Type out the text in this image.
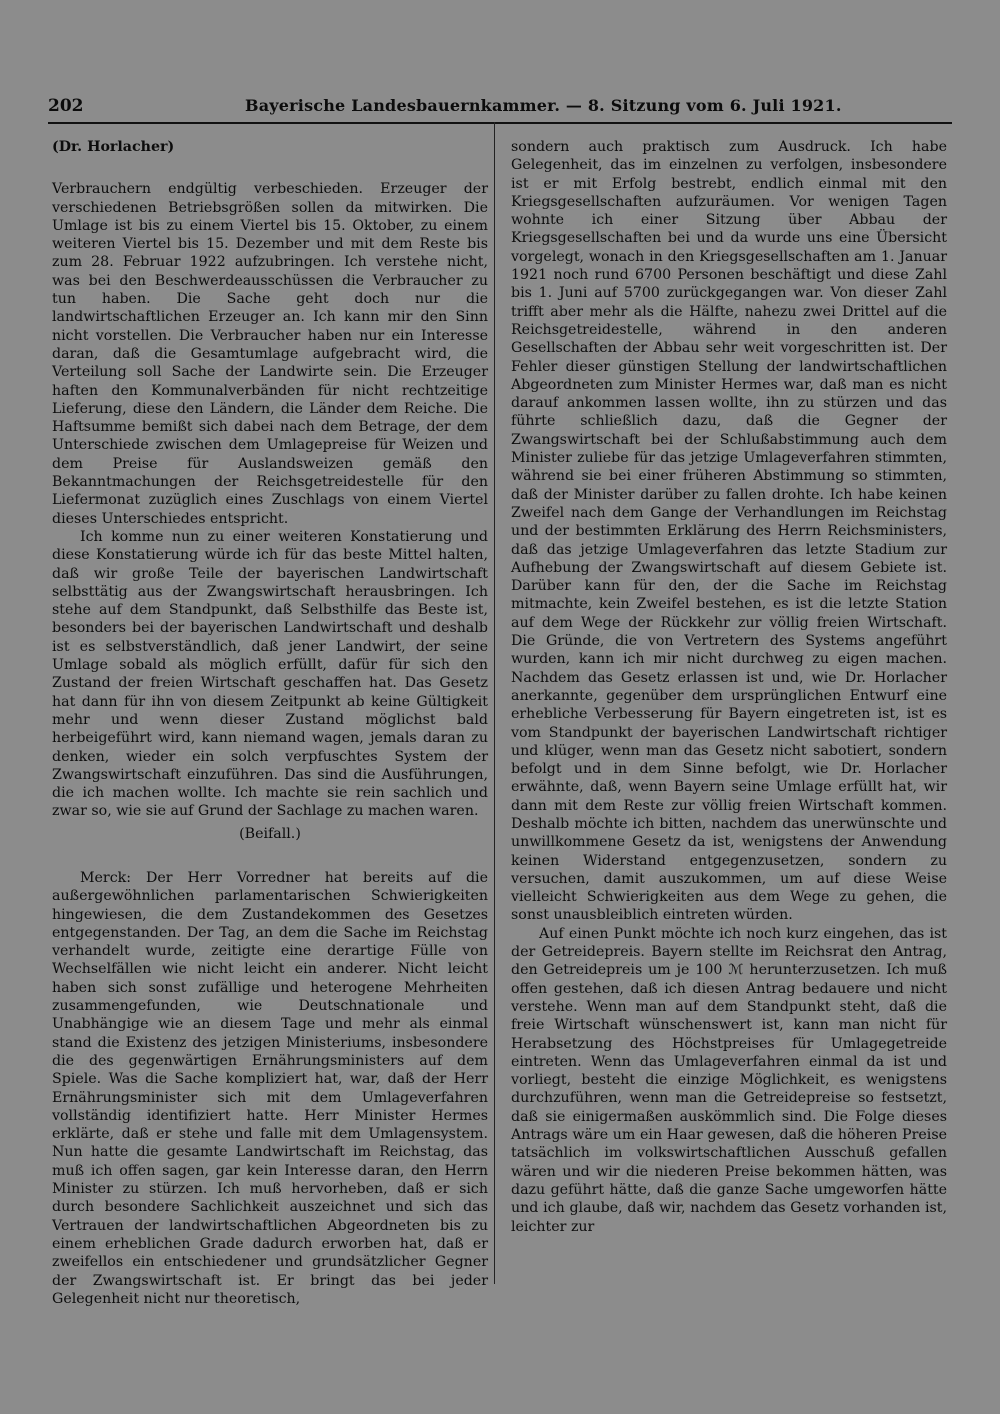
202	Bayerische Landesbauernkammer. — 8. Sitzung vom 6. Juli 1921.

(Dr. Horlacher)

Verbrauchern endgültig verbeschieden. Erzeuger der verschiedenen Betriebsgrößen sollen da mitwirken. Die Umlage ist bis zu einem Viertel bis 15. Oktober, zu einem weiteren Viertel bis 15. Dezember und mit dem Reste bis zum 28. Februar 1922 aufzubringen. Ich verstehe nicht, was bei den Beschwerdeausschüssen die Verbraucher zu tun haben. Die Sache geht doch nur die landwirtschaftlichen Erzeuger an. Ich kann mir den Sinn nicht vorstellen. Die Verbraucher haben nur ein Interesse daran, daß die Gesamtumlage aufgebracht wird, die Verteilung soll Sache der Landwirte sein. Die Erzeuger haften den Kommunalverbänden für nicht rechtzeitige Lieferung, diese den Ländern, die Länder dem Reiche. Die Haftsumme bemißt sich dabei nach dem Betrage, der dem Unterschiede zwischen dem Umlagepreise für Weizen und dem Preise für Auslandsweizen gemäß den Bekanntmachungen der Reichsgetreidestelle für den Liefermonat zuzüglich eines Zuschlags von einem Viertel dieses Unterschiedes entspricht.

Ich komme nun zu einer weiteren Konstatierung und diese Konstatierung würde ich für das beste Mittel halten, daß wir große Teile der bayerischen Landwirtschaft selbsttätig aus der Zwangswirtschaft herausbringen. Ich stehe auf dem Standpunkt, daß Selbsthilfe das Beste ist, besonders bei der bayerischen Landwirtschaft und deshalb ist es selbstverständlich, daß jener Landwirt, der seine Umlage sobald als möglich erfüllt, dafür für sich den Zustand der freien Wirtschaft geschaffen hat. Das Gesetz hat dann für ihn von diesem Zeitpunkt ab keine Gültigkeit mehr und wenn dieser Zustand möglichst bald herbeigeführt wird, kann niemand wagen, jemals daran zu denken, wieder ein solch verpfuschtes System der Zwangswirtschaft einzuführen. Das sind die Ausführungen, die ich machen wollte. Ich machte sie rein sachlich und zwar so, wie sie auf Grund der Sachlage zu machen waren.

(Beifall.)

Merck: Der Herr Vorredner hat bereits auf die außergewöhnlichen parlamentarischen Schwierigkeiten hingewiesen, die dem Zustandekommen des Gesetzes entgegenstanden. Der Tag, an dem die Sache im Reichstag verhandelt wurde, zeitigte eine derartige Fülle von Wechselfällen wie nicht leicht ein anderer. Nicht leicht haben sich sonst zufällige und heterogene Mehrheiten zusammengefunden, wie Deutschnationale und Unabhängige wie an diesem Tage und mehr als einmal stand die Existenz des jetzigen Ministeriums, insbesondere die des gegenwärtigen Ernährungsministers auf dem Spiele. Was die Sache kompliziert hat, war, daß der Herr Ernährungsminister sich mit dem Umlageverfahren vollständig identifiziert hatte. Herr Minister Hermes erklärte, daß er stehe und falle mit dem Umlagensystem. Nun hatte die gesamte Landwirtschaft im Reichstag, das muß ich offen sagen, gar kein Interesse daran, den Herrn Minister zu stürzen. Ich muß hervorheben, daß er sich durch besondere Sachlichkeit auszeichnet und sich das Vertrauen der landwirtschaftlichen Abgeordneten bis zu einem erheblichen Grade dadurch erworben hat, daß er zweifellos ein entschiedener und grundsätzlicher Gegner der Zwangswirtschaft ist. Er bringt das bei jeder Gelegenheit nicht nur theoretisch,

sondern auch praktisch zum Ausdruck. Ich habe Gelegenheit, das im einzelnen zu verfolgen, insbesondere ist er mit Erfolg bestrebt, endlich einmal mit den Kriegsgesellschaften aufzuräumen. Vor wenigen Tagen wohnte ich einer Sitzung über Abbau der Kriegsgesellschaften bei und da wurde uns eine Übersicht vorgelegt, wonach in den Kriegsgesellschaften am 1. Januar 1921 noch rund 6700 Personen beschäftigt und diese Zahl bis 1. Juni auf 5700 zurückgegangen war. Von dieser Zahl trifft aber mehr als die Hälfte, nahezu zwei Drittel auf die Reichsgetreidestelle, während in den anderen Gesellschaften der Abbau sehr weit vorgeschritten ist. Der Fehler dieser günstigen Stellung der landwirtschaftlichen Abgeordneten zum Minister Hermes war, daß man es nicht darauf ankommen lassen wollte, ihn zu stürzen und das führte schließlich dazu, daß die Gegner der Zwangswirtschaft bei der Schlußabstimmung auch dem Minister zuliebe für das jetzige Umlageverfahren stimmten, während sie bei einer früheren Abstimmung so stimmten, daß der Minister darüber zu fallen drohte. Ich habe keinen Zweifel nach dem Gange der Verhandlungen im Reichstag und der bestimmten Erklärung des Herrn Reichsministers, daß das jetzige Umlageverfahren das letzte Stadium zur Aufhebung der Zwangswirtschaft auf diesem Gebiete ist. Darüber kann für den, der die Sache im Reichstag mitmachte, kein Zweifel bestehen, es ist die letzte Station auf dem Wege der Rückkehr zur völlig freien Wirtschaft. Die Gründe, die von Vertretern des Systems angeführt wurden, kann ich mir nicht durchweg zu eigen machen. Nachdem das Gesetz erlassen ist und, wie Dr. Horlacher anerkannte, gegenüber dem ursprünglichen Entwurf eine erhebliche Verbesserung für Bayern eingetreten ist, ist es vom Standpunkt der bayerischen Landwirtschaft richtiger und klüger, wenn man das Gesetz nicht sabotiert, sondern befolgt und in dem Sinne befolgt, wie Dr. Horlacher erwähnte, daß, wenn Bayern seine Umlage erfüllt hat, wir dann mit dem Reste zur völlig freien Wirtschaft kommen. Deshalb möchte ich bitten, nachdem das unerwünschte und unwillkommene Gesetz da ist, wenigstens der Anwendung keinen Widerstand entgegenzusetzen, sondern zu versuchen, damit auszukommen, um auf diese Weise vielleicht Schwierigkeiten aus dem Wege zu gehen, die sonst unausbleiblich eintreten würden.

Auf einen Punkt möchte ich noch kurz eingehen, das ist der Getreidepreis. Bayern stellte im Reichsrat den Antrag, den Getreidepreis um je 100 ℳ herunterzusetzen. Ich muß offen gestehen, daß ich diesen Antrag bedauere und nicht verstehe. Wenn man auf dem Standpunkt steht, daß die freie Wirtschaft wünschenswert ist, kann man nicht für Herabsetzung des Höchstpreises für Umlagegetreide eintreten. Wenn das Umlageverfahren einmal da ist und vorliegt, besteht die einzige Möglichkeit, es wenigstens durchzuführen, wenn man die Getreidepreise so festsetzt, daß sie einigermaßen auskömmlich sind. Die Folge dieses Antrags wäre um ein Haar gewesen, daß die höheren Preise tatsächlich im volkswirtschaftlichen Ausschuß gefallen wären und wir die niederen Preise bekommen hätten, was dazu geführt hätte, daß die ganze Sache umgeworfen hätte und ich glaube, daß wir, nachdem das Gesetz vorhanden ist, leichter zur
